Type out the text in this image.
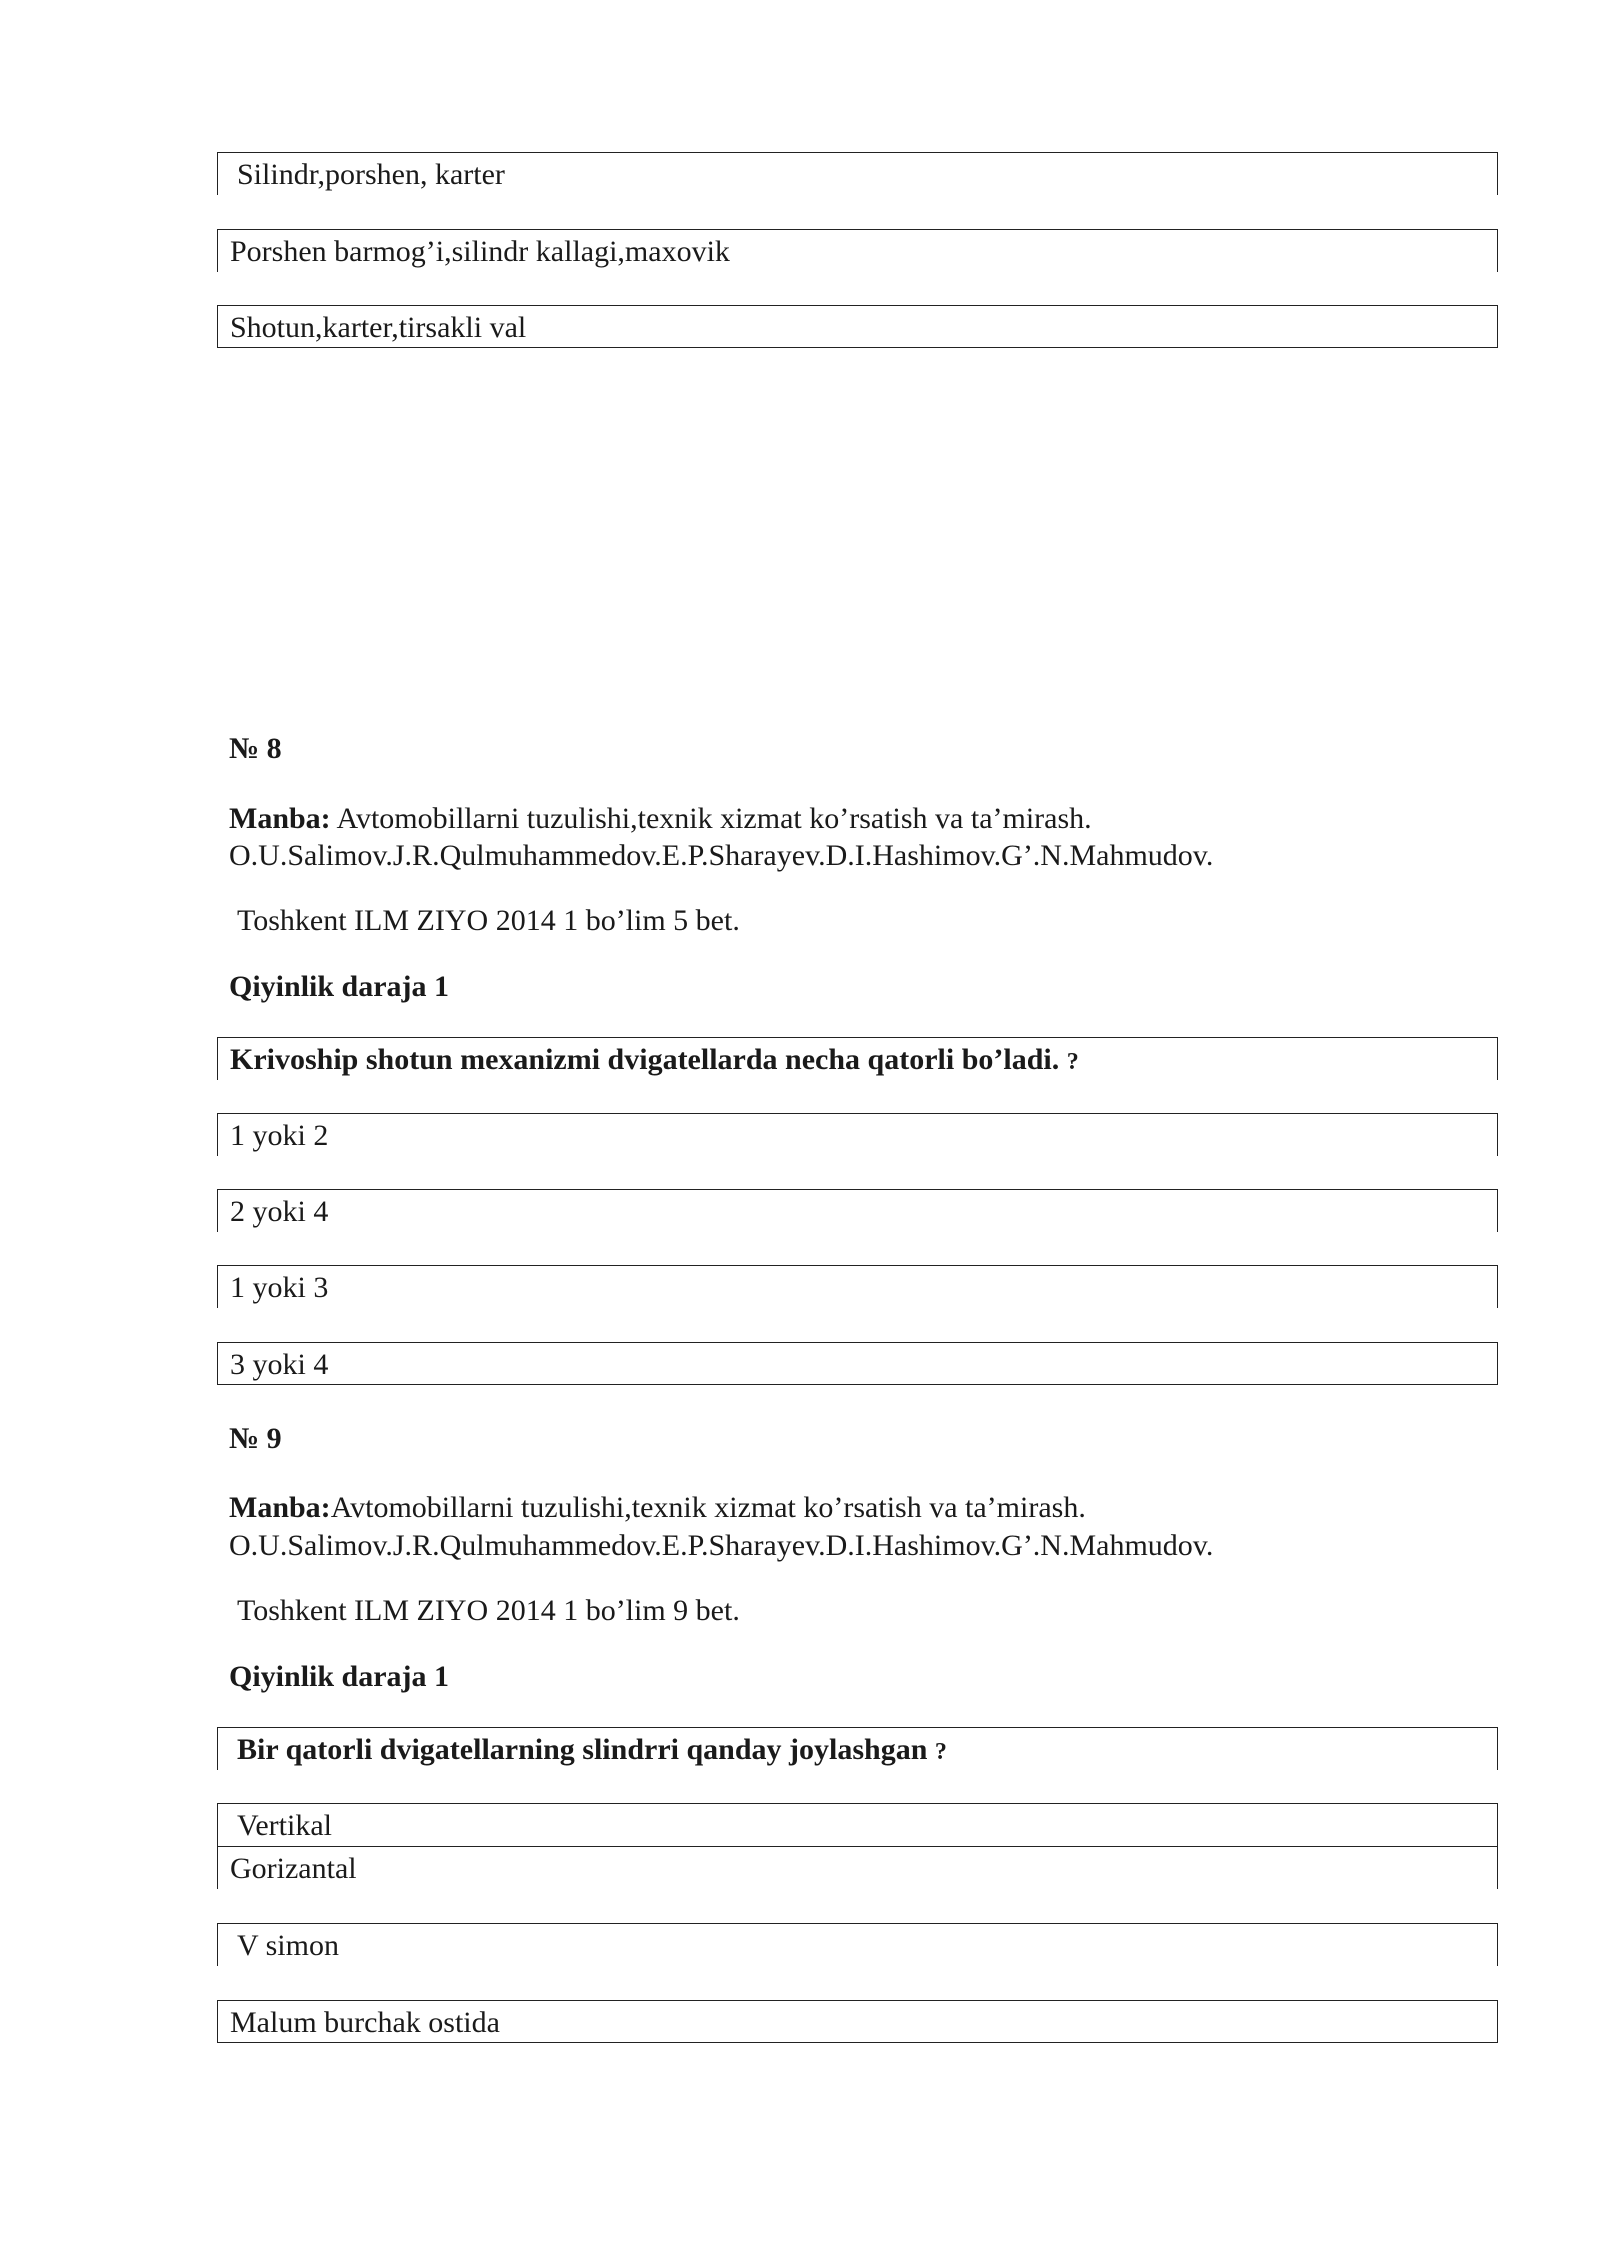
Silindr,porshen, karter
Porshen barmog’i,silindr kallagi,maxovik
Shotun,karter,tirsakli val
№ 8
Manba: Avtomobillarni tuzulishi,texnik xizmat ko’rsatish va ta’mirash.
O.U.Salimov.J.R.Qulmuhammedov.E.P.Sharayev.D.I.Hashimov.G’.N.Mahmudov.
Toshkent ILM ZIYO 2014 1 bo’lim 5 bet.
Qiyinlik daraja 1
Krivoship shotun mexanizmi dvigatellarda necha qatorli bo’ladi. ?
1 yoki 2
2 yoki 4
1 yoki 3
3 yoki 4
№ 9
Manba:Avtomobillarni tuzulishi,texnik xizmat ko’rsatish va ta’mirash.
O.U.Salimov.J.R.Qulmuhammedov.E.P.Sharayev.D.I.Hashimov.G’.N.Mahmudov.
Toshkent ILM ZIYO 2014 1 bo’lim 9 bet.
Qiyinlik daraja 1
Bir qatorli dvigatellarning slindrri qanday joylashgan ?
Vertikal
Gorizantal
V simon
Malum burchak ostida
